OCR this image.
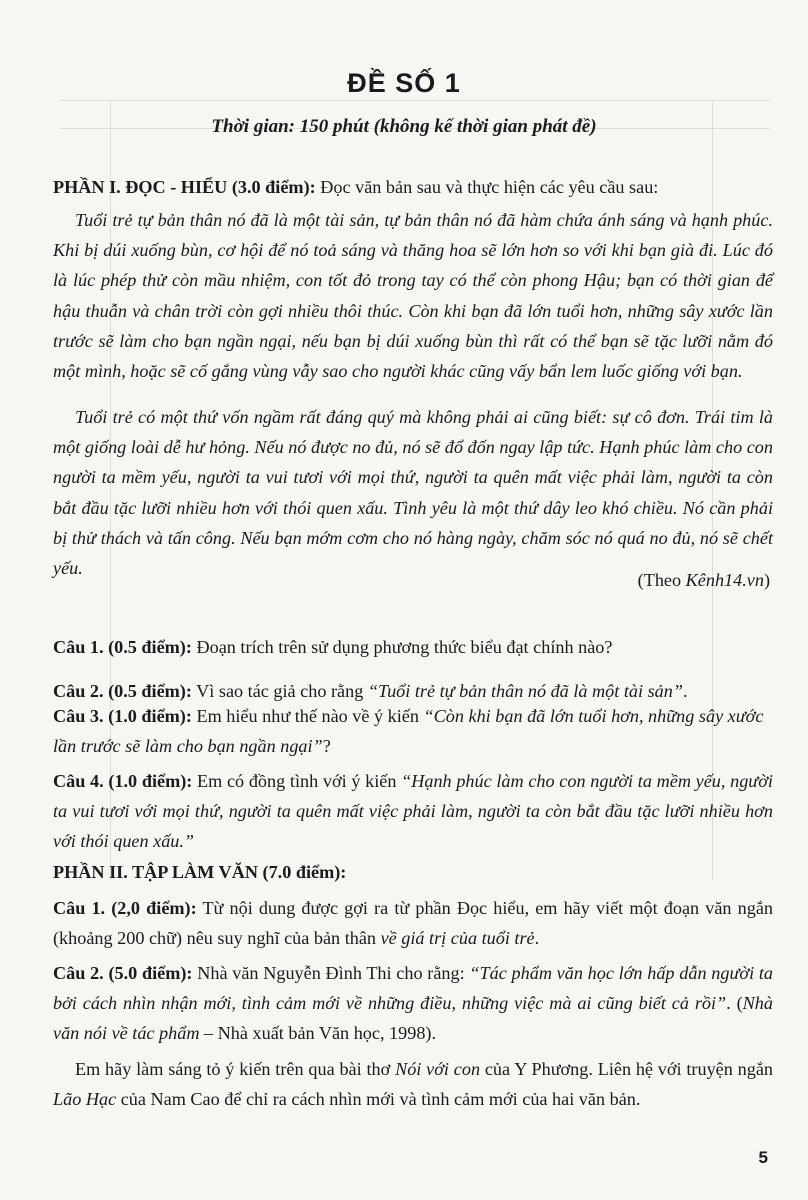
ĐỀ SỐ 1
Thời gian: 150 phút (không kể thời gian phát đề)
PHẦN I. ĐỌC - HIỂU (3.0 điểm): Đọc văn bản sau và thực hiện các yêu cầu sau:
Tuổi trẻ tự bản thân nó đã là một tài sản, tự bản thân nó đã hàm chứa ánh sáng và hạnh phúc. Khi bị dúi xuống bùn, cơ hội để nó toả sáng và thăng hoa sẽ lớn hơn so với khi bạn già đi. Lúc đó là lúc phép thử còn mầu nhiệm, con tốt đỏ trong tay có thể còn phong Hậu; bạn có thời gian để hậu thuẫn và chân trời còn gợi nhiều thôi thúc. Còn khi bạn đã lớn tuổi hơn, những sây xước lần trước sẽ làm cho bạn ngần ngại, nếu bạn bị dúi xuống bùn thì rất có thể bạn sẽ tặc lưỡi nằm đó một mình, hoặc sẽ cố gắng vùng vẫy sao cho người khác cũng vấy bẩn lem luốc giống với bạn.
Tuổi trẻ có một thứ vốn ngầm rất đáng quý mà không phải ai cũng biết: sự cô đơn. Trái tim là một giống loài dễ hư hỏng. Nếu nó được no đủ, nó sẽ đổ đốn ngay lập tức. Hạnh phúc làm cho con người ta mềm yếu, người ta vui tươi với mọi thứ, người ta quên mất việc phải làm, người ta còn bắt đầu tặc lưỡi nhiều hơn với thói quen xấu. Tình yêu là một thứ dây leo khó chiều. Nó cần phải bị thử thách và tấn công. Nếu bạn mớm cơm cho nó hàng ngày, chăm sóc nó quá no đủ, nó sẽ chết yếu.
(Theo Kênh14.vn)
Câu 1. (0.5 điểm): Đoạn trích trên sử dụng phương thức biểu đạt chính nào?
Câu 2. (0.5 điểm): Vì sao tác giả cho rằng “Tuổi trẻ tự bản thân nó đã là một tài sản”.
Câu 3. (1.0 điểm): Em hiểu như thế nào về ý kiến “Còn khi bạn đã lớn tuổi hơn, những sây xước lần trước sẽ làm cho bạn ngần ngại”?
Câu 4. (1.0 điểm): Em có đồng tình với ý kiến “Hạnh phúc làm cho con người ta mềm yếu, người ta vui tươi với mọi thứ, người ta quên mất việc phải làm, người ta còn bắt đầu tặc lưỡi nhiều hơn với thói quen xấu.”
PHẦN II. TẬP LÀM VĂN (7.0 điểm):
Câu 1. (2,0 điểm): Từ nội dung được gợi ra từ phần Đọc hiểu, em hãy viết một đoạn văn ngắn (khoảng 200 chữ) nêu suy nghĩ của bản thân về giá trị của tuổi trẻ.
Câu 2. (5.0 điểm): Nhà văn Nguyễn Đình Thi cho rằng: “Tác phẩm văn học lớn hấp dẫn người ta bởi cách nhìn nhận mới, tình cảm mới về những điều, những việc mà ai cũng biết cả rồi”. (Nhà văn nói về tác phẩm – Nhà xuất bản Văn học, 1998).
Em hãy làm sáng tỏ ý kiến trên qua bài thơ Nói với con của Y Phương. Liên hệ với truyện ngắn Lão Hạc của Nam Cao để chỉ ra cách nhìn mới và tình cảm mới của hai văn bản.
5
